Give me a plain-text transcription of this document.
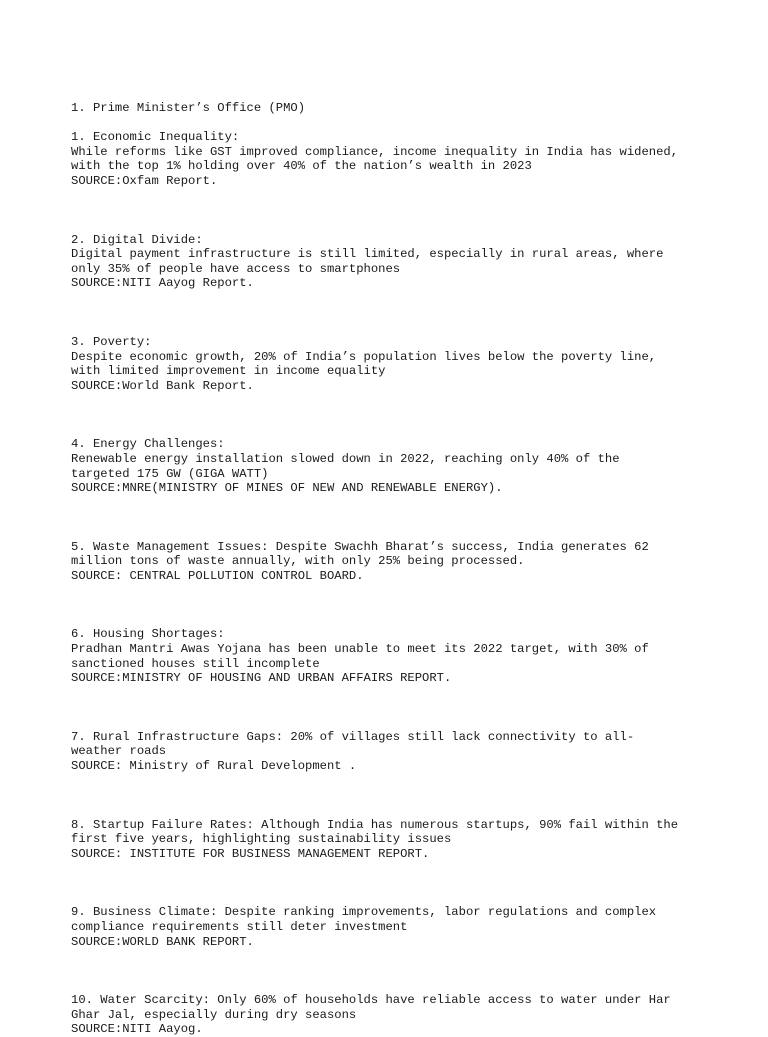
1. Prime Minister’s Office (PMO)
1. Economic Inequality:
While reforms like GST improved compliance, income inequality in India has widened,
with the top 1% holding over 40% of the nation’s wealth in 2023
SOURCE:Oxfam Report.
2. Digital Divide:
Digital payment infrastructure is still limited, especially in rural areas, where
only 35% of people have access to smartphones
SOURCE:NITI Aayog Report.
3. Poverty:
Despite economic growth, 20% of India’s population lives below the poverty line,
with limited improvement in income equality
SOURCE:World Bank Report.
4. Energy Challenges:
Renewable energy installation slowed down in 2022, reaching only 40% of the
targeted 175 GW (GIGA WATT)
SOURCE:MNRE(MINISTRY OF MINES OF NEW AND RENEWABLE ENERGY).
5. Waste Management Issues: Despite Swachh Bharat’s success, India generates 62
million tons of waste annually, with only 25% being processed.
SOURCE: CENTRAL POLLUTION CONTROL BOARD.
6. Housing Shortages:
Pradhan Mantri Awas Yojana has been unable to meet its 2022 target, with 30% of
sanctioned houses still incomplete
SOURCE:MINISTRY OF HOUSING AND URBAN AFFAIRS REPORT.
7. Rural Infrastructure Gaps: 20% of villages still lack connectivity to all-
weather roads
SOURCE: Ministry of Rural Development .
8. Startup Failure Rates: Although India has numerous startups, 90% fail within the
first five years, highlighting sustainability issues
SOURCE: INSTITUTE FOR BUSINESS MANAGEMENT REPORT.
9. Business Climate: Despite ranking improvements, labor regulations and complex
compliance requirements still deter investment
SOURCE:WORLD BANK REPORT.
10. Water Scarcity: Only 60% of households have reliable access to water under Har
Ghar Jal, especially during dry seasons
SOURCE:NITI Aayog.
